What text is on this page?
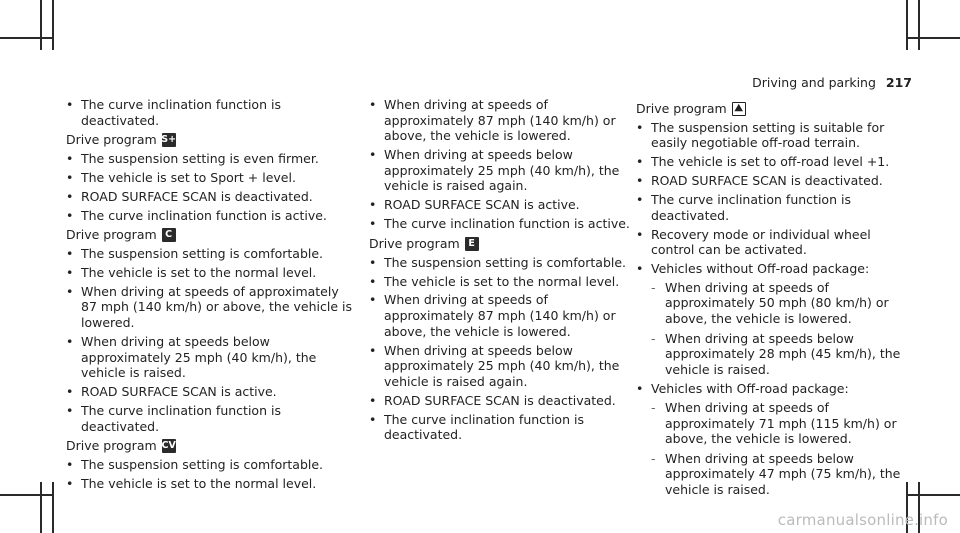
Driving and parking 217
• The curve inclination function is deactivated.
Drive program S+
• The suspension setting is even firmer.
• The vehicle is set to Sport + level.
• ROAD SURFACE SCAN is deactivated.
• The curve inclination function is active.
Drive program C
• The suspension setting is comfortable.
• The vehicle is set to the normal level.
• When driving at speeds of approximately 87 mph (140 km/h) or above, the vehicle is lowered.
• When driving at speeds below approximately 25 mph (40 km/h), the vehicle is raised.
• ROAD SURFACE SCAN is active.
• The curve inclination function is deactivated.
Drive program CV
• The suspension setting is comfortable.
• The vehicle is set to the normal level.
• When driving at speeds of approximately 87 mph (140 km/h) or above, the vehicle is lowered.
• When driving at speeds below approximately 25 mph (40 km/h), the vehicle is raised again.
• ROAD SURFACE SCAN is active.
• The curve inclination function is active.
Drive program E
• The suspension setting is comfortable.
• The vehicle is set to the normal level.
• When driving at speeds of approximately 87 mph (140 km/h) or above, the vehicle is lowered.
• When driving at speeds below approximately 25 mph (40 km/h), the vehicle is raised again.
• ROAD SURFACE SCAN is deactivated.
• The curve inclination function is deactivated.
Drive program ⛰
• The suspension setting is suitable for easily negotiable off-road terrain.
• The vehicle is set to off-road level +1.
• ROAD SURFACE SCAN is deactivated.
• The curve inclination function is deactivated.
• Recovery mode or individual wheel control can be activated.
• Vehicles without Off-road package:
‐ When driving at speeds of approximately 50 mph (80 km/h) or above, the vehicle is lowered.
‐ When driving at speeds below approximately 28 mph (45 km/h), the vehicle is raised.
• Vehicles with Off-road package:
‐ When driving at speeds of approximately 71 mph (115 km/h) or above, the vehicle is lowered.
‐ When driving at speeds below approximately 47 mph (75 km/h), the vehicle is raised.
carmanualsonline.info
